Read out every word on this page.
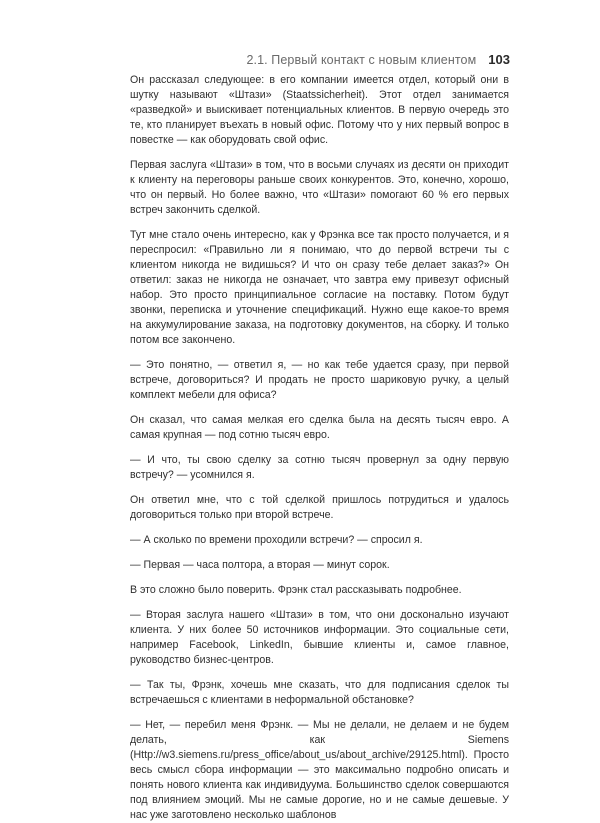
2.1. Первый контакт с новым клиентом 103

Он рассказал следующее: в его компании имеется отдел, который они в шутку называют «Штази» (Staatssicherheit). Этот отдел занимается «разведкой» и выискивает потенциальных клиентов. В первую очередь это те, кто планирует въехать в новый офис. Потому что у них первый вопрос в повестке — как оборудовать свой офис.

Первая заслуга «Штази» в том, что в восьми случаях из десяти он приходит к клиенту на переговоры раньше своих конкурентов. Это, конечно, хорошо, что он первый. Но более важно, что «Штази» помогают 60 % его первых встреч закончить сделкой.

Тут мне стало очень интересно, как у Фрэнка все так просто получается, и я переспросил: «Правильно ли я понимаю, что до первой встречи ты с клиентом никогда не видишься? И что он сразу тебе делает заказ?» Он ответил: заказ не никогда не означает, что завтра ему привезут офисный набор. Это просто принципиальное согласие на поставку. Потом будут звонки, переписка и уточнение спецификаций. Нужно еще какое-то время на аккумулирование заказа, на подготовку документов, на сборку. И только потом все закончено.

— Это понятно, — ответил я, — но как тебе удается сразу, при первой встрече, договориться? И продать не просто шариковую ручку, а целый комплект мебели для офиса?

Он сказал, что самая мелкая его сделка была на десять тысяч евро. А самая крупная — под сотню тысяч евро.

— И что, ты свою сделку за сотню тысяч провернул за одну первую встречу? — усомнился я.

Он ответил мне, что с той сделкой пришлось потрудиться и удалось договориться только при второй встрече.

— А сколько по времени проходили встречи? — спросил я.

— Первая — часа полтора, а вторая — минут сорок.

В это сложно было поверить. Фрэнк стал рассказывать подробнее.

— Вторая заслуга нашего «Штази» в том, что они досконально изучают клиента. У них более 50 источников информации. Это социальные сети, например Facebook, LinkedIn, бывшие клиенты и, самое главное, руководство бизнес-центров.

— Так ты, Фрэнк, хочешь мне сказать, что для подписания сделок ты встречаешься с клиентами в неформальной обстановке?

— Нет, — перебил меня Фрэнк. — Мы не делали, не делаем и не будем делать, как Siemens (Http://w3.siemens.ru/press_office/about_us/about_archive/29125.html). Просто весь смысл сбора информации — это максимально подробно описать и понять нового клиента как индивидуума. Большинство сделок совершаются под влиянием эмоций. Мы не самые дорогие, но и не самые дешевые. У нас уже заготовлено несколько шаблонов
